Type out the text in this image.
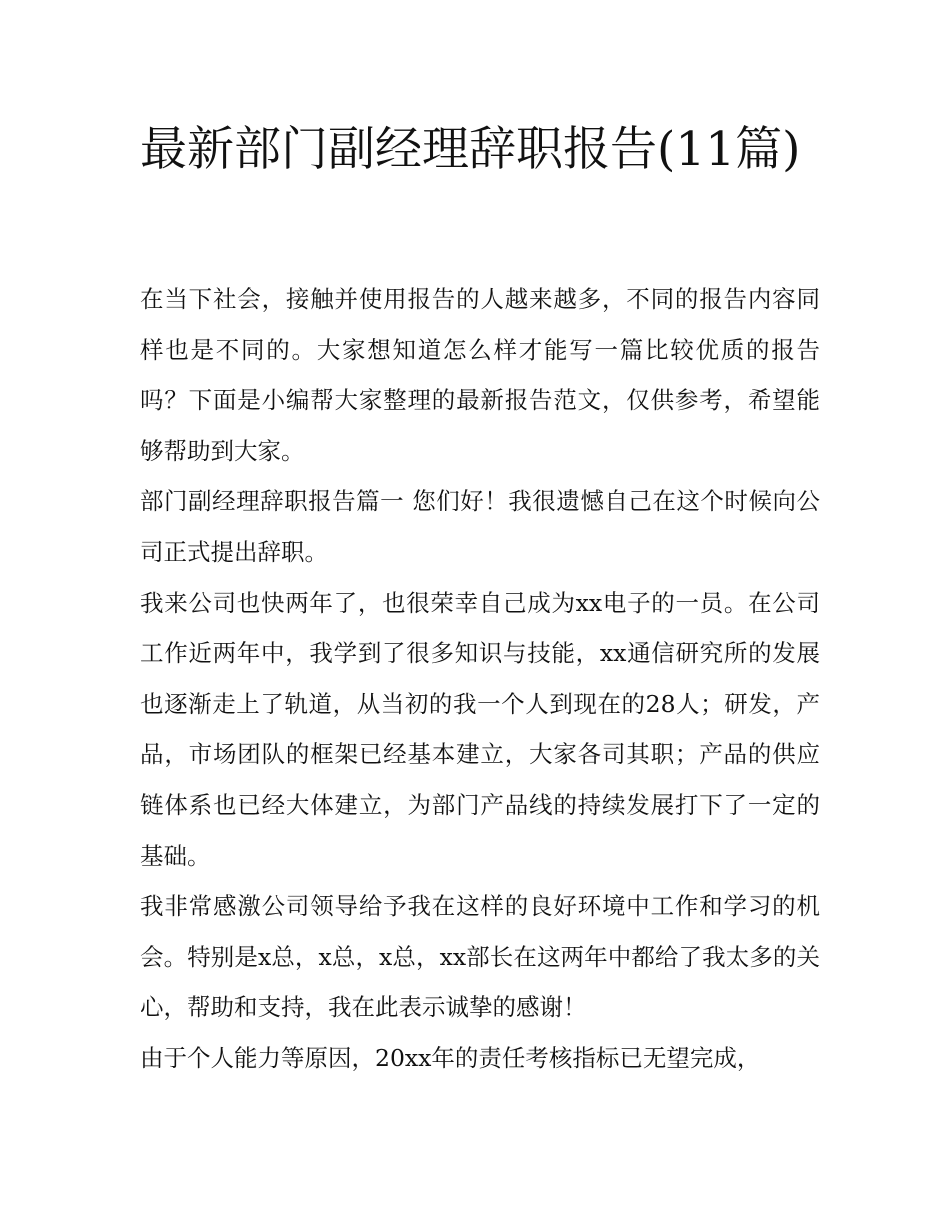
最新部门副经理辞职报告(11篇)

在当下社会，接触并使用报告的人越来越多，不同的报告内容同样也是不同的。大家想知道怎么样才能写一篇比较优质的报告吗？下面是小编帮大家整理的最新报告范文，仅供参考，希望能够帮助到大家。

部门副经理辞职报告篇一 您们好！我很遗憾自己在这个时候向公司正式提出辞职。

我来公司也快两年了，也很荣幸自己成为xx电子的一员。在公司工作近两年中，我学到了很多知识与技能，xx通信研究所的发展也逐渐走上了轨道，从当初的我一个人到现在的28人；研发，产品，市场团队的框架已经基本建立，大家各司其职；产品的供应链体系也已经大体建立，为部门产品线的持续发展打下了一定的基础。

我非常感激公司领导给予我在这样的良好环境中工作和学习的机会。特别是x总，x总，x总，xx部长在这两年中都给了我太多的关心，帮助和支持，我在此表示诚挚的感谢！

由于个人能力等原因，20xx年的责任考核指标已无望完成，
